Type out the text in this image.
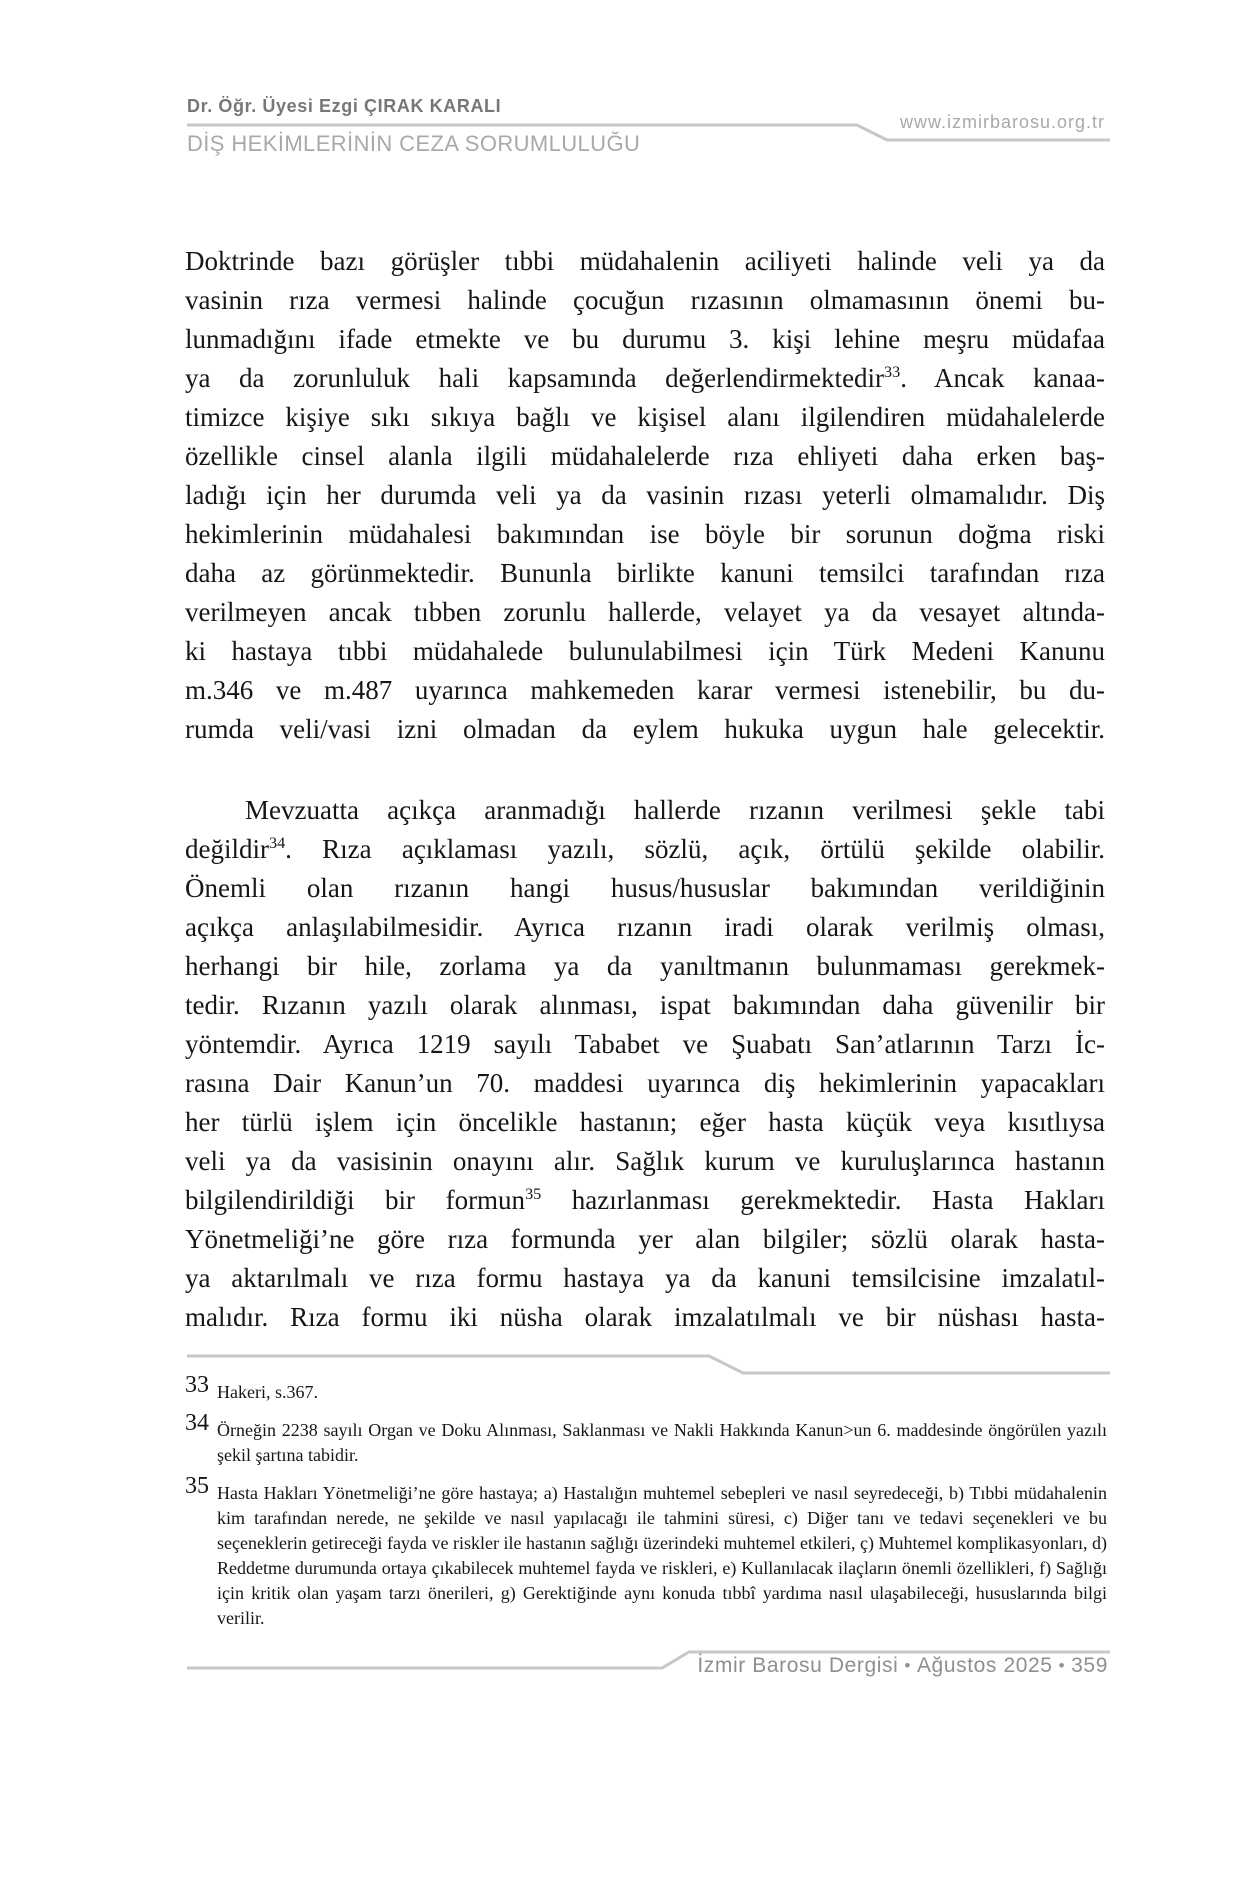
Dr. Öğr. Üyesi Ezgi ÇIRAK KARALI
DİŞ HEKİMLERİNİN CEZA SORUMLULUĞU
www.izmirbarosu.org.tr
Doktrinde bazı görüşler tıbbi müdahalenin aciliyeti halinde veli ya da
vasinin rıza vermesi halinde çocuğun rızasının olmamasının önemi bu-
lunmadığını ifade etmekte ve bu durumu 3. kişi lehine meşru müdafaa
ya da zorunluluk hali kapsamında değerlendirmektedir$^{33}$. Ancak kanaa-
timizce kişiye sıkı sıkıya bağlı ve kişisel alanı ilgilendiren müdahalelerde
özellikle cinsel alanla ilgili müdahalelerde rıza ehliyeti daha erken baş-
ladığı için her durumda veli ya da vasinin rızası yeterli olmamalıdır. Diş
hekimlerinin müdahalesi bakımından ise böyle bir sorunun doğma riski
daha az görünmektedir. Bununla birlikte kanuni temsilci tarafından rıza
verilmeyen ancak tıbben zorunlu hallerde, velayet ya da vesayet altında-
ki hastaya tıbbi müdahalede bulunulabilmesi için Türk Medeni Kanunu
m.346 ve m.487 uyarınca mahkemeden karar vermesi istenebilir, bu du-
rumda veli/vasi izni olmadan da eylem hukuka uygun hale gelecektir.
Mevzuatta açıkça aranmadığı hallerde rızanın verilmesi şekle tabi
değildir$^{34}$. Rıza açıklaması yazılı, sözlü, açık, örtülü şekilde olabilir.
Önemli olan rızanın hangi husus/hususlar bakımından verildiğinin
açıkça anlaşılabilmesidir. Ayrıca rızanın iradi olarak verilmiş olması,
herhangi bir hile, zorlama ya da yanıltmanın bulunmaması gerekmek-
tedir. Rızanın yazılı olarak alınması, ispat bakımından daha güvenilir bir
yöntemdir. Ayrıca 1219 sayılı Tababet ve Şuabatı San’atlarının Tarzı İc-
rasına Dair Kanun’un 70. maddesi uyarınca diş hekimlerinin yapacakları
her türlü işlem için öncelikle hastanın; eğer hasta küçük veya kısıtlıysa
veli ya da vasisinin onayını alır. Sağlık kurum ve kuruluşlarınca hastanın
bilgilendirildiği bir formun$^{35}$ hazırlanması gerekmektedir. Hasta Hakları
Yönetmeliği’ne göre rıza formunda yer alan bilgiler; sözlü olarak hasta-
ya aktarılmalı ve rıza formu hastaya ya da kanuni temsilcisine imzalatıl-
malıdır. Rıza formu iki nüsha olarak imzalatılmalı ve bir nüshası hasta-
33 Hakeri, s.367.
34 Örneğin 2238 sayılı Organ ve Doku Alınması, Saklanması ve Nakli Hakkında Kanun>un 6. maddesinde öngörülen yazılı şekil şartına tabidir.
35 Hasta Hakları Yönetmeliği’ne göre hastaya; a) Hastalığın muhtemel sebepleri ve nasıl seyredeceği, b) Tıbbi müdahalenin kim tarafından nerede, ne şekilde ve nasıl yapılacağı ile tahmini süresi, c) Diğer tanı ve tedavi seçenekleri ve bu seçeneklerin getireceği fayda ve riskler ile hastanın sağlığı üzerindeki muhtemel etkileri, ç) Muhtemel komplikasyonları, d) Reddetme durumunda ortaya çıkabilecek muhtemel fayda ve riskleri, e) Kullanılacak ilaçların önemli özellikleri, f) Sağlığı için kritik olan yaşam tarzı önerileri, g) Gerektiğinde aynı konuda tıbbî yardıma nasıl ulaşabileceği, hususlarında bilgi verilir.
İzmir Barosu Dergisi • Ağustos 2025 • 359
